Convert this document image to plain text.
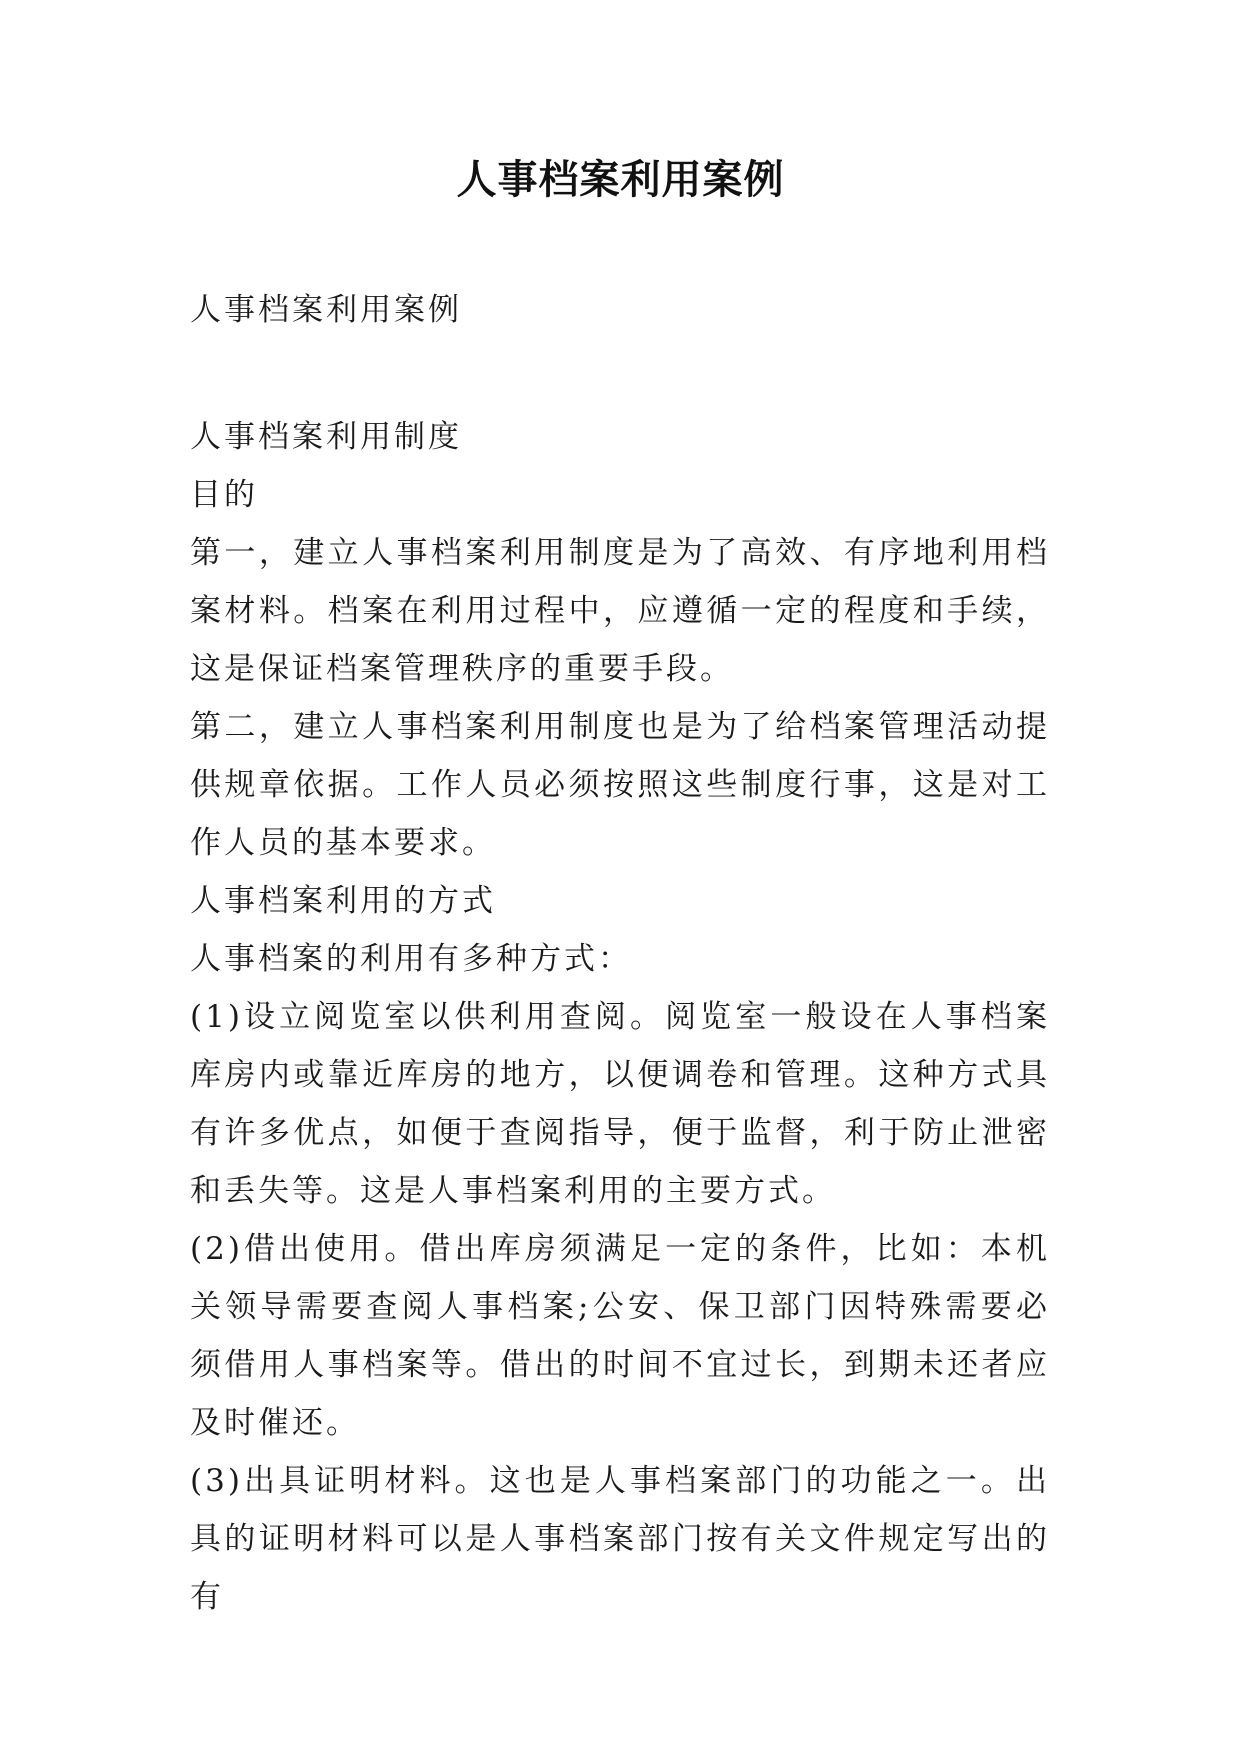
人事档案利用案例
人事档案利用案例

人事档案利用制度

目的

第一，建立人事档案利用制度是为了高效、有序地利用档案材料。档案在利用过程中，应遵循一定的程度和手续，这是保证档案管理秩序的重要手段。

第二，建立人事档案利用制度也是为了给档案管理活动提供规章依据。工作人员必须按照这些制度行事，这是对工作人员的基本要求。

人事档案利用的方式

人事档案的利用有多种方式：

(1)设立阅览室以供利用查阅。阅览室一般设在人事档案库房内或靠近库房的地方，以便调卷和管理。这种方式具有许多优点，如便于查阅指导，便于监督，利于防止泄密和丢失等。这是人事档案利用的主要方式。

(2)借出使用。借出库房须满足一定的条件，比如：本机关领导需要查阅人事档案;公安、保卫部门因特殊需要必须借用人事档案等。借出的时间不宜过长，到期未还者应及时催还。

(3)出具证明材料。这也是人事档案部门的功能之一。出具的证明材料可以是人事档案部门按有关文件规定写出的有
